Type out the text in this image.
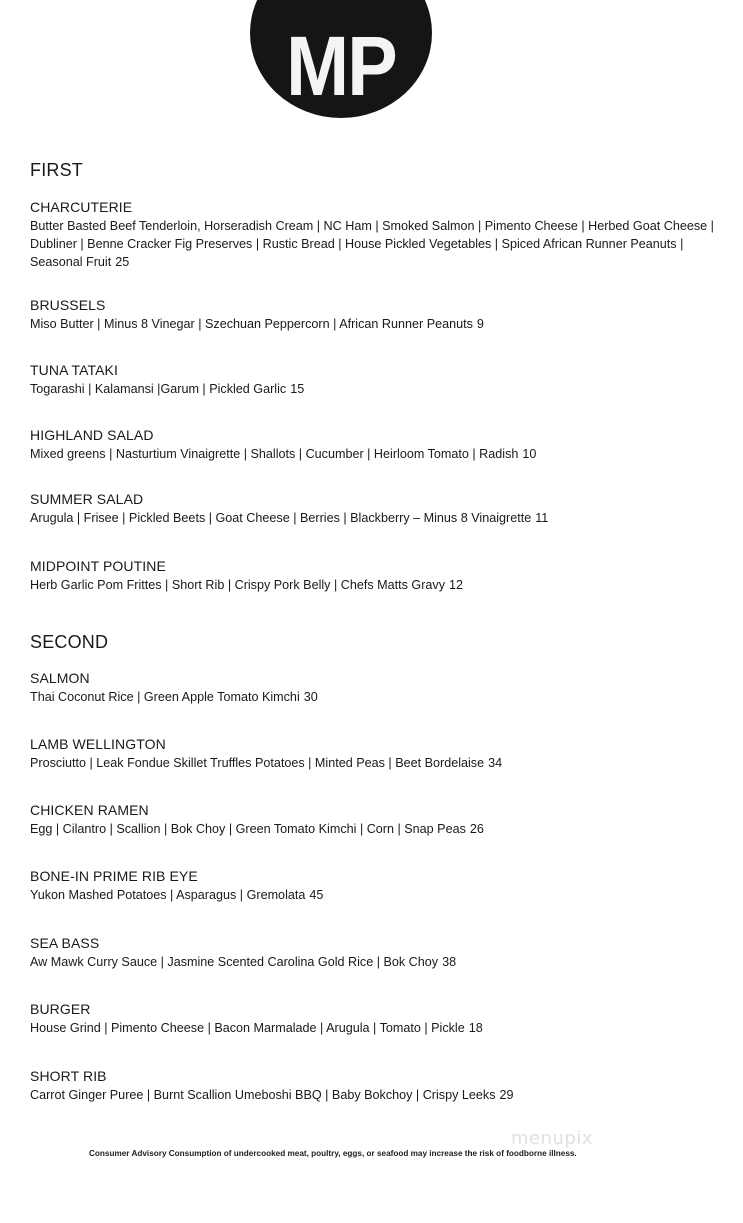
MP
FIRST
CHARCUTERIE

Butter Basted Beef Tenderloin, Horseradish Cream | NC Ham | Smoked Salmon | Pimento Cheese | Herbed Goat Cheese | Dubliner | Benne Cracker Fig Preserves | Rustic Bread | House Pickled Vegetables | Spiced African Runner Peanuts | Seasonal Fruit 25

BRUSSELS

Miso Butter | Minus 8 Vinegar | Szechuan Peppercorn | African Runner Peanuts 9

TUNA TATAKI

Togarashi | Kalamansi |Garum | Pickled Garlic 15

HIGHLAND SALAD

Mixed greens | Nasturtium Vinaigrette | Shallots | Cucumber | Heirloom Tomato | Radish 10

SUMMER SALAD

Arugula | Frisee | Pickled Beets | Goat Cheese | Berries | Blackberry – Minus 8 Vinaigrette 11

MIDPOINT POUTINE

Herb Garlic Pom Frittes | Short Rib | Crispy Pork Belly | Chefs Matts Gravy 12

SECOND
SALMON

Thai Coconut Rice | Green Apple Tomato Kimchi 30

LAMB WELLINGTON

Prosciutto | Leak Fondue Skillet Truffles Potatoes | Minted Peas | Beet Bordelaise 34

CHICKEN RAMEN

Egg | Cilantro | Scallion | Bok Choy | Green Tomato Kimchi | Corn | Snap Peas 26

BONE-IN PRIME RIB EYE

Yukon Mashed Potatoes | Asparagus | Gremolata 45

SEA BASS

Aw Mawk Curry Sauce | Jasmine Scented Carolina Gold Rice | Bok Choy 38

BURGER

House Grind | Pimento Cheese | Bacon Marmalade | Arugula | Tomato | Pickle 18

SHORT RIB

Carrot Ginger Puree | Burnt Scallion Umeboshi BBQ | Baby Bokchoy | Crispy Leeks 29

menupix
Consumer Advisory Consumption of undercooked meat, poultry, eggs, or seafood may increase the risk of foodborne illness.
